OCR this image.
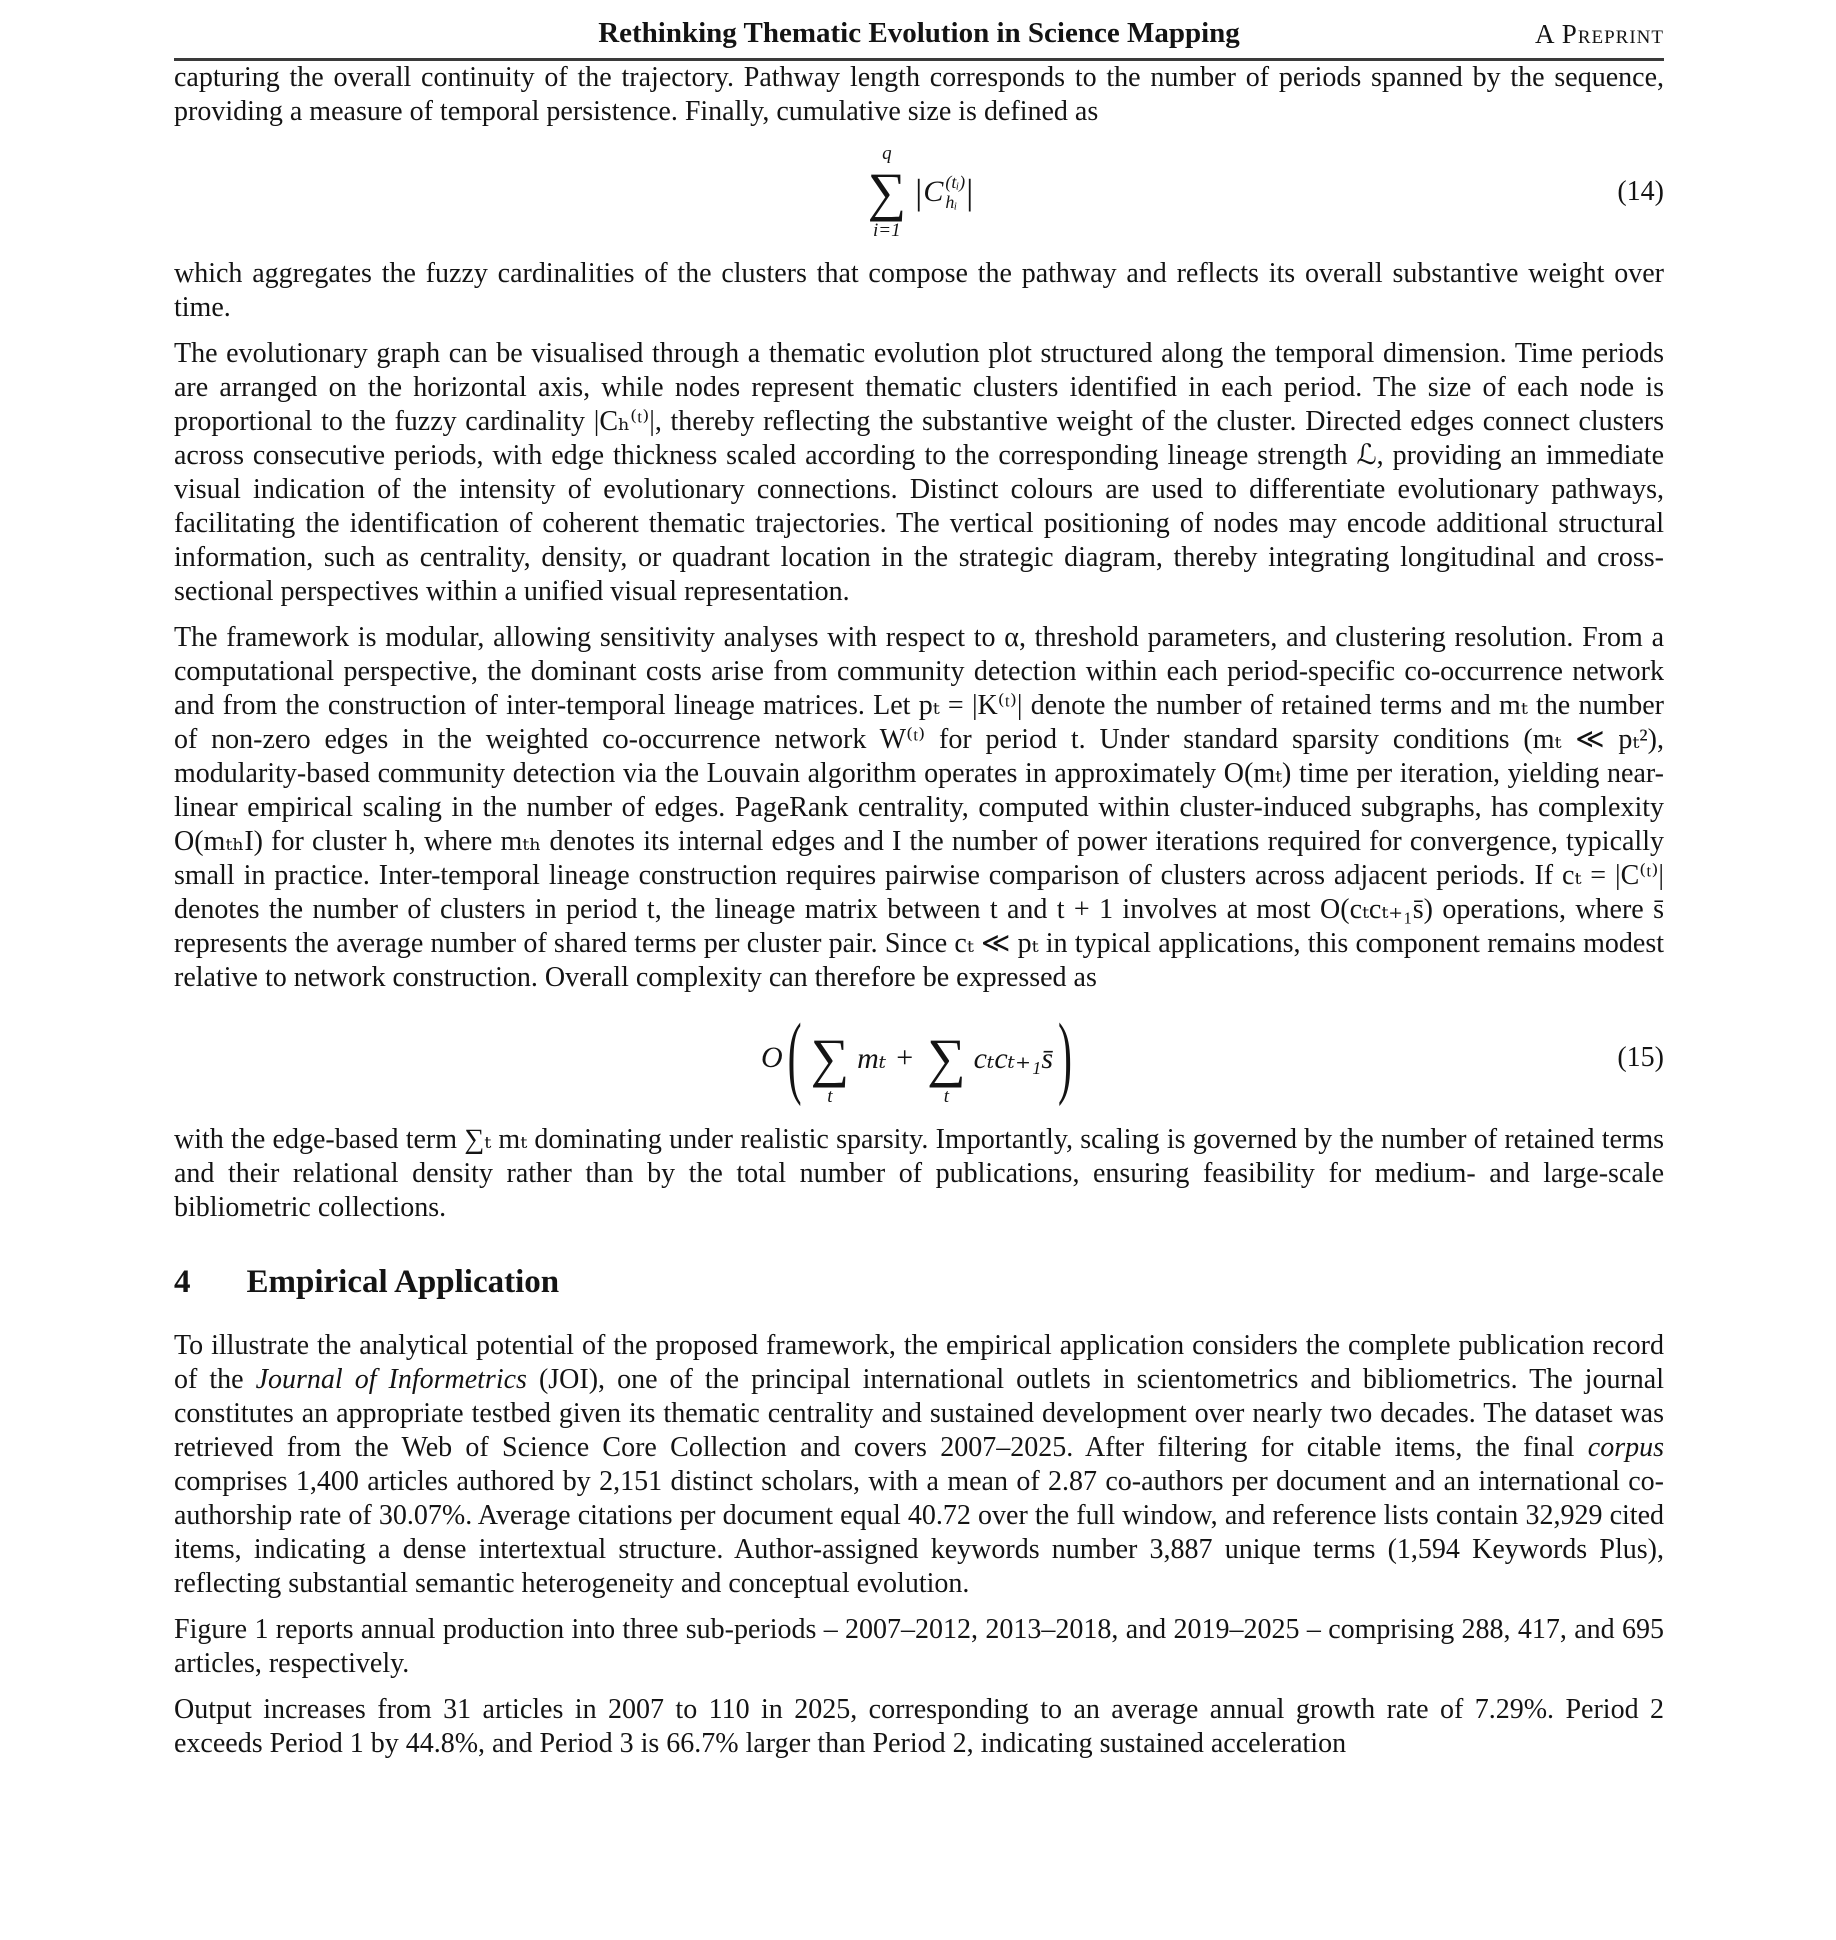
Rethinking Thematic Evolution in Science Mapping	A Preprint

capturing the overall continuity of the trajectory. Pathway length corresponds to the number of periods spanned by the sequence, providing a measure of temporal persistence. Finally, cumulative size is defined as

q
∑
i=1
| C (tᵢ)
hᵢ |	(14)

which aggregates the fuzzy cardinalities of the clusters that compose the pathway and reflects its overall substantive weight over time.

The evolutionary graph can be visualised through a thematic evolution plot structured along the temporal dimension. Time periods are arranged on the horizontal axis, while nodes represent thematic clusters identified in each period. The size of each node is proportional to the fuzzy cardinality |Cₕ⁽ᵗ⁾|, thereby reflecting the substantive weight of the cluster. Directed edges connect clusters across consecutive periods, with edge thickness scaled according to the corresponding lineage strength ℒ, providing an immediate visual indication of the intensity of evolutionary connections. Distinct colours are used to differentiate evolutionary pathways, facilitating the identification of coherent thematic trajectories. The vertical positioning of nodes may encode additional structural information, such as centrality, density, or quadrant location in the strategic diagram, thereby integrating longitudinal and cross-sectional perspectives within a unified visual representation.

The framework is modular, allowing sensitivity analyses with respect to α, threshold parameters, and clustering resolution. From a computational perspective, the dominant costs arise from community detection within each period-specific co-occurrence network and from the construction of inter-temporal lineage matrices. Let pₜ = |K⁽ᵗ⁾| denote the number of retained terms and mₜ the number of non-zero edges in the weighted co-occurrence network W⁽ᵗ⁾ for period t. Under standard sparsity conditions (mₜ ≪ pₜ²), modularity-based community detection via the Louvain algorithm operates in approximately O(mₜ) time per iteration, yielding near-linear empirical scaling in the number of edges. PageRank centrality, computed within cluster-induced subgraphs, has complexity O(mₜₕI) for cluster h, where mₜₕ denotes its internal edges and I the number of power iterations required for convergence, typically small in practice. Inter-temporal lineage construction requires pairwise comparison of clusters across adjacent periods. If cₜ = |C⁽ᵗ⁾| denotes the number of clusters in period t, the lineage matrix between t and t + 1 involves at most O(cₜcₜ₊₁s̄) operations, where s̄ represents the average number of shared terms per cluster pair. Since cₜ ≪ pₜ in typical applications, this component remains modest relative to network construction. Overall complexity can therefore be expressed as

O ( ∑
t
mₜ + ∑
t
cₜcₜ₊₁s̄ )	(15)

with the edge-based term ∑ₜ mₜ dominating under realistic sparsity. Importantly, scaling is governed by the number of retained terms and their relational density rather than by the total number of publications, ensuring feasibility for medium- and large-scale bibliometric collections.

4 Empirical Application

To illustrate the analytical potential of the proposed framework, the empirical application considers the complete publication record of the Journal of Informetrics (JOI), one of the principal international outlets in scientometrics and bibliometrics. The journal constitutes an appropriate testbed given its thematic centrality and sustained development over nearly two decades. The dataset was retrieved from the Web of Science Core Collection and covers 2007–2025. After filtering for citable items, the final corpus comprises 1,400 articles authored by 2,151 distinct scholars, with a mean of 2.87 co-authors per document and an international co-authorship rate of 30.07%. Average citations per document equal 40.72 over the full window, and reference lists contain 32,929 cited items, indicating a dense intertextual structure. Author-assigned keywords number 3,887 unique terms (1,594 Keywords Plus), reflecting substantial semantic heterogeneity and conceptual evolution.

Figure 1 reports annual production into three sub-periods – 2007–2012, 2013–2018, and 2019–2025 – comprising 288, 417, and 695 articles, respectively.

Output increases from 31 articles in 2007 to 110 in 2025, corresponding to an average annual growth rate of 7.29%. Period 2 exceeds Period 1 by 44.8%, and Period 3 is 66.7% larger than Period 2, indicating sustained acceleration
